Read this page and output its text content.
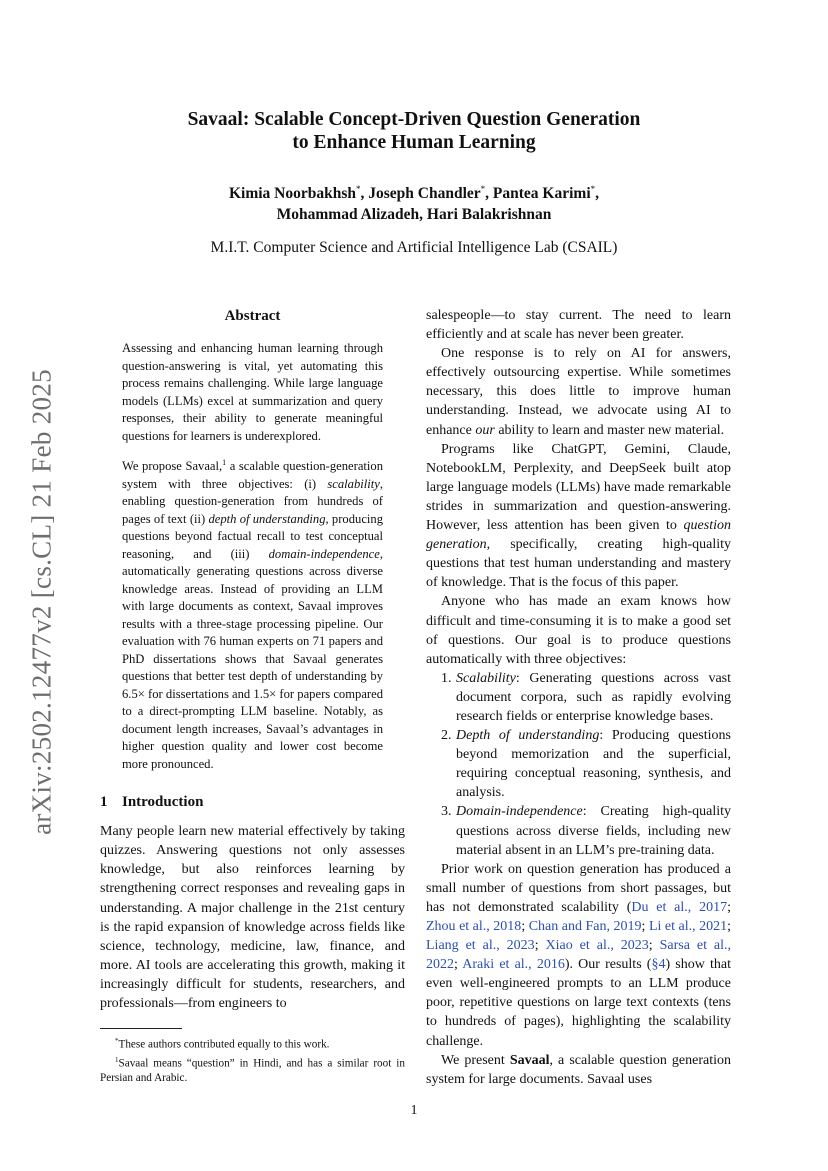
arXiv:2502.12477v2 [cs.CL] 21 Feb 2025
Savaal: Scalable Concept-Driven Question Generation
to Enhance Human Learning
Kimia Noorbakhsh*, Joseph Chandler*, Pantea Karimi*,
Mohammad Alizadeh, Hari Balakrishnan
M.I.T. Computer Science and Artificial Intelligence Lab (CSAIL)
Abstract

Assessing and enhancing human learning through question-answering is vital, yet automating this process remains challenging. While large language models (LLMs) excel at summarization and query responses, their ability to generate meaningful questions for learners is underexplored.

We propose Savaal,$^1$ a scalable question-generation system with three objectives: (i) scalability, enabling question-generation from hundreds of pages of text (ii) depth of understanding, producing questions beyond factual recall to test conceptual reasoning, and (iii) domain-independence, automatically generating questions across diverse knowledge areas. Instead of providing an LLM with large documents as context, Savaal improves results with a three-stage processing pipeline. Our evaluation with 76 human experts on 71 papers and PhD dissertations shows that Savaal generates questions that better test depth of understanding by 6.5× for dissertations and 1.5× for papers compared to a direct-prompting LLM baseline. Notably, as document length increases, Savaal’s advantages in higher question quality and lower cost become more pronounced.

1 Introduction

Many people learn new material effectively by taking quizzes. Answering questions not only assesses knowledge, but also reinforces learning by strengthening correct responses and revealing gaps in understanding. A major challenge in the 21st century is the rapid expansion of knowledge across fields like science, technology, medicine, law, finance, and more. AI tools are accelerating this growth, making it increasingly difficult for students, researchers, and professionals—from engineers to

salespeople—to stay current. The need to learn efficiently and at scale has never been greater.

One response is to rely on AI for answers, effectively outsourcing expertise. While sometimes necessary, this does little to improve human understanding. Instead, we advocate using AI to enhance our ability to learn and master new material.

Programs like ChatGPT, Gemini, Claude, NotebookLM, Perplexity, and DeepSeek built atop large language models (LLMs) have made remarkable strides in summarization and question-answering. However, less attention has been given to question generation, specifically, creating high-quality questions that test human understanding and mastery of knowledge. That is the focus of this paper.

Anyone who has made an exam knows how difficult and time-consuming it is to make a good set of questions. Our goal is to produce questions automatically with three objectives:

1. Scalability: Generating questions across vast document corpora, such as rapidly evolving research fields or enterprise knowledge bases.
2. Depth of understanding: Producing questions beyond memorization and the superficial, requiring conceptual reasoning, synthesis, and analysis.
3. Domain-independence: Creating high-quality questions across diverse fields, including new material absent in an LLM’s pre-training data.

Prior work on question generation has produced a small number of questions from short passages, but has not demonstrated scalability (Du et al., 2017; Zhou et al., 2018; Chan and Fan, 2019; Li et al., 2021; Liang et al., 2023; Xiao et al., 2023; Sarsa et al., 2022; Araki et al., 2016). Our results (§4) show that even well-engineered prompts to an LLM produce poor, repetitive questions on large text contexts (tens to hundreds of pages), highlighting the scalability challenge.

We present Savaal, a scalable question generation system for large documents. Savaal uses

*These authors contributed equally to this work.

$^1$Savaal means “question” in Hindi, and has a similar root in Persian and Arabic.

1
